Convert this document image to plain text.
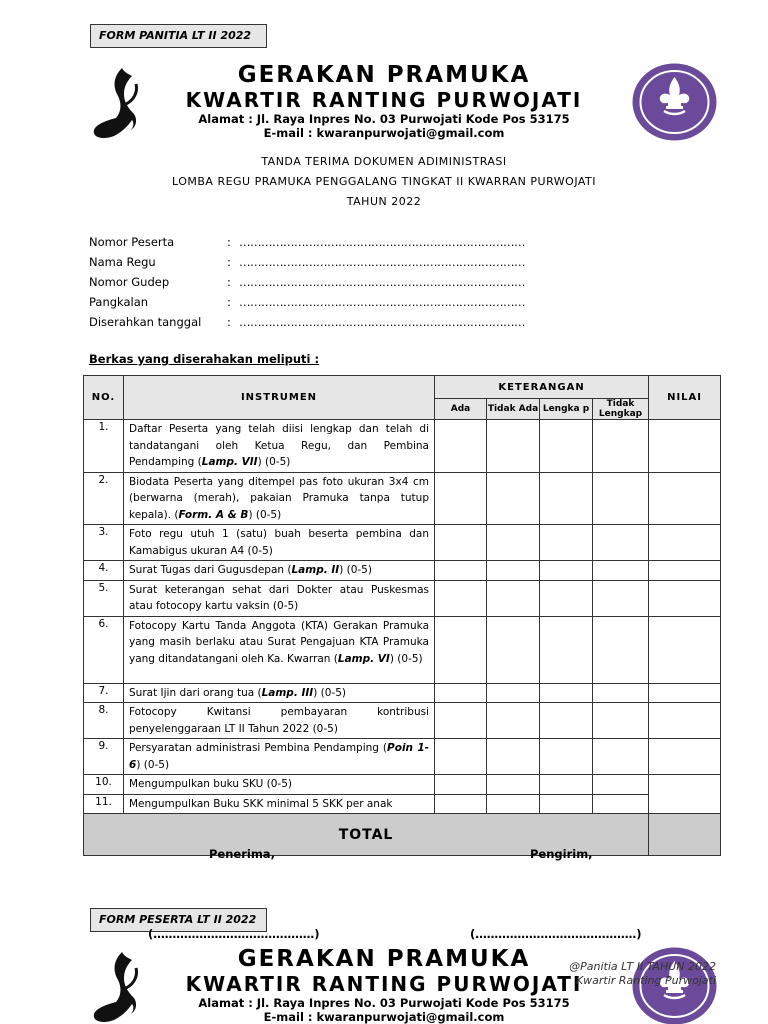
FORM PANITIA LT II 2022
GERAKAN PRAMUKA
KWARTIR RANTING PURWOJATI
Alamat : Jl. Raya Inpres No. 03 Purwojati Kode Pos 53175
E-mail : kwaranpurwojati@gmail.com
TANDA TERIMA DOKUMEN ADIMINISTRASI
LOMBA REGU PRAMUKA PENGGALANG TINGKAT II KWARRAN PURWOJATI
TAHUN 2022
Nomor Peserta	: ……………………………………………………………………
Nama Regu	: ……………………………………………………………………
Nomor Gudep	: ……………………………………………………………………
Pangkalan	: ……………………………………………………………………
Diserahkan tanggal	: ……………………………………………………………………
Berkas yang diserahakan meliputi :
NO.	INSTRUMEN	KETERANGAN				NILAI
		Ada	Tidak Ada	Lengka p	Tidak Lengkap	
1.	Daftar Peserta yang telah diisi lengkap dan telah di tandatangani oleh Ketua Regu, dan Pembina Pendamping (Lamp. VII) (0-5)					
2.	Biodata Peserta yang ditempel pas foto ukuran 3x4 cm (berwarna (merah), pakaian Pramuka tanpa tutup kepala). (Form. A & B) (0-5)					
3.	Foto regu utuh 1 (satu) buah beserta pembina dan Kamabigus ukuran A4 (0-5)					
4.	Surat Tugas dari Gugusdepan (Lamp. II) (0-5)					
5.	Surat keterangan sehat dari Dokter atau Puskesmas atau fotocopy kartu vaksin (0-5)					
6.	Fotocopy Kartu Tanda Anggota (KTA) Gerakan Pramuka yang masih berlaku atau Surat Pengajuan KTA Pramuka yang ditandatangani oleh Ka. Kwarran (Lamp. VI) (0-5)					
7.	Surat Ijin dari orang tua (Lamp. III) (0-5)					
8.	Fotocopy Kwitansi pembayaran kontribusi penyelenggaraan LT II Tahun 2022 (0-5)					
9.	Persyaratan administrasi Pembina Pendamping (Poin 1-6) (0-5)					
10.	Mengumpulkan buku SKU (0-5)					
11.	Mengumpulkan Buku SKK minimal 5 SKK per anak					
TOTAL						
Penerima,	Pengirim,
FORM PESERTA LT II 2022
(……………………………………)	(……………………………………)
GERAKAN PRAMUKA
KWARTIR RANTING PURWOJATI
Alamat : Jl. Raya Inpres No. 03 Purwojati Kode Pos 53175
E-mail : kwaranpurwojati@gmail.com
@Panitia LT II TAHUN 2022
Kwartir Ranting Purwojati
